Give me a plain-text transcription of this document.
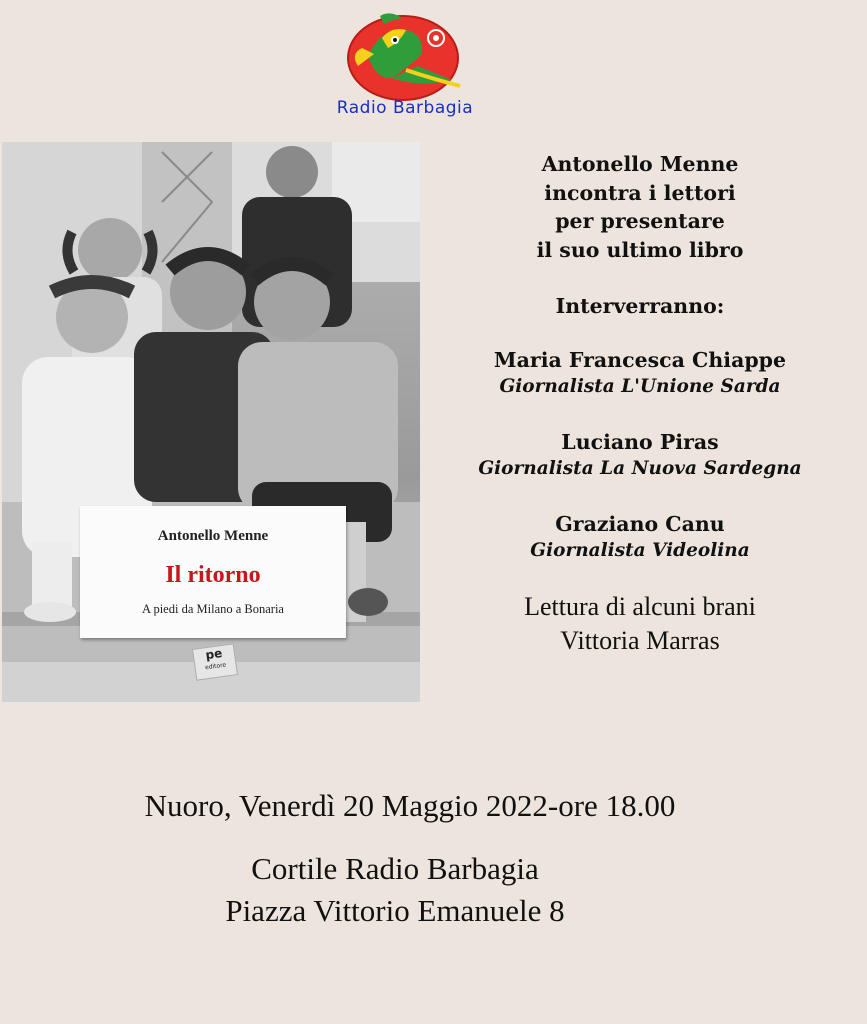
Radio Barbagia
Antonello Menne
Il ritorno
A piedi da Milano a Bonaria
pe
editore
Antonello Menne
incontra i lettori
per presentare
il suo ultimo libro
Interverranno:
Maria Francesca Chiappe
Giornalista L'Unione Sarda
Luciano Piras
Giornalista La Nuova Sardegna
Graziano Canu
Giornalista Videolina
Lettura di alcuni brani
Vittoria Marras
Nuoro, Venerdì 20 Maggio 2022-ore 18.00
Cortile Radio Barbagia
Piazza Vittorio Emanuele 8
